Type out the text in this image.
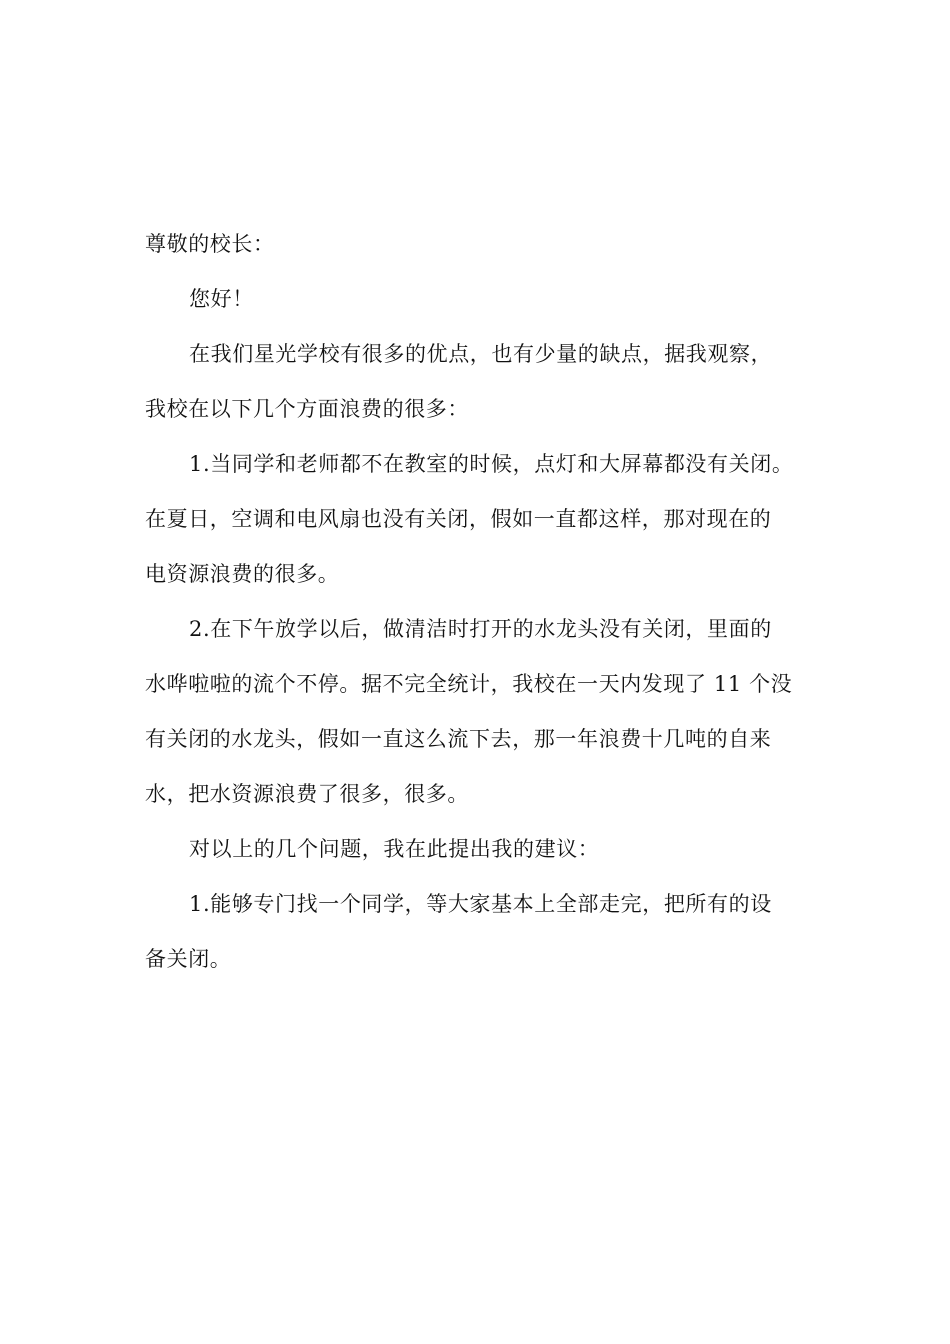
尊敬的校长：
您好！
在我们星光学校有很多的优点，也有少量的缺点，据我观察，
我校在以下几个方面浪费的很多：
1.当同学和老师都不在教室的时候，点灯和大屏幕都没有关闭。
在夏日，空调和电风扇也没有关闭，假如一直都这样，那对现在的
电资源浪费的很多。
2.在下午放学以后，做清洁时打开的水龙头没有关闭，里面的
水哗啦啦的流个不停。据不完全统计，我校在一天内发现了 11 个没
有关闭的水龙头，假如一直这么流下去，那一年浪费十几吨的自来
水，把水资源浪费了很多，很多。
对以上的几个问题，我在此提出我的建议：
1.能够专门找一个同学，等大家基本上全部走完，把所有的设
备关闭。
